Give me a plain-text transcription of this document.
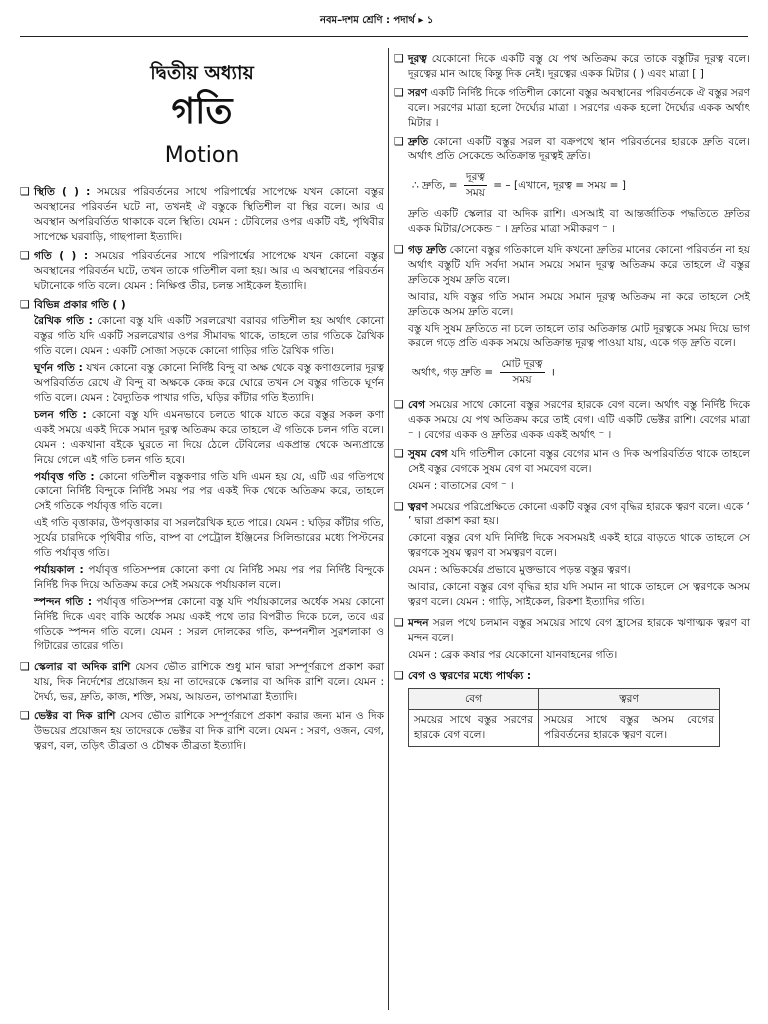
নবম–দশম শ্রেণি : পদার্থ ▸ ১
দ্বিতীয় অধ্যায়
গতি
Motion
❑ স্থিতি ( ) : সময়ের পরিবর্তনের সাথে পরিপার্শ্বের সাপেক্ষে যখন কোনো বস্তুর অবস্থানের পরিবর্তন ঘটে না, তখনই ঐ বস্তুকে স্থিতিশীল বা স্থির বলে। আর এ অবস্থান অপরিবর্তিত থাকাকে বলে স্থিতি। যেমন : টেবিলের ওপর একটি বই, পৃথিবীর সাপেক্ষে ঘরবাড়ি, গাছপালা ইত্যাদি।
❑ গতি ( ) : সময়ের পরিবর্তনের সাথে পরিপার্শ্বের সাপেক্ষে যখন কোনো বস্তুর অবস্থানের পরিবর্তন ঘটে, তখন তাকে গতিশীল বলা হয়। আর এ অবস্থানের পরিবর্তন ঘটানোকে গতি বলে। যেমন : নিক্ষিপ্ত তীর, চলন্ত সাইকেল ইত্যাদি।
❑ বিভিন্ন প্রকার গতি ( )

রৈখিক গতি : কোনো বস্তু যদি একটি সরলরেখা বরাবর গতিশীল হয় অর্থাৎ কোনো বস্তুর গতি যদি একটি সরলরেখার ওপর সীমাবদ্ধ থাকে, তাহলে তার গতিকে রৈখিক গতি বলে। যেমন : একটি সোজা সড়কে কোনো গাড়ির গতি রৈখিক গতি।

ঘূর্ণন গতি : যখন কোনো বস্তু কোনো নির্দিষ্ট বিন্দু বা অক্ষ থেকে বস্তু কণাগুলোর দূরত্ব অপরিবর্তিত রেখে ঐ বিন্দু বা অক্ষকে কেন্দ্র করে ঘোরে তখন সে বস্তুর গতিকে ঘূর্ণন গতি বলে। যেমন : বৈদ্যুতিক পাখার গতি, ঘড়ির কাঁটার গতি ইত্যাদি।

চলন গতি : কোনো বস্তু যদি এমনভাবে চলতে থাকে যাতে করে বস্তুর সকল কণা একই সময়ে একই দিকে সমান দূরত্ব অতিক্রম করে তাহলে ঐ গতিকে চলন গতি বলে। যেমন : একখানা বইকে ঘুরতে না দিয়ে ঠেলে টেবিলের একপ্রান্ত থেকে অন্যপ্রান্তে নিয়ে গেলে এই গতি চলন গতি হবে।

পর্যাবৃত্ত গতি : কোনো গতিশীল বস্তুকণার গতি যদি এমন হয় যে, এটি এর গতিপথে কোনো নির্দিষ্ট বিন্দুকে নির্দিষ্ট সময় পর পর একই দিক থেকে অতিক্রম করে, তাহলে সেই গতিকে পর্যাবৃত্ত গতি বলে।

এই গতি বৃত্তাকার, উপবৃত্তাকার বা সরলরৈখিক হতে পারে। যেমন : ঘড়ির কাঁটার গতি, সূর্যের চারদিকে পৃথিবীর গতি, বাষ্প বা পেট্রোল ইঞ্জিনের সিলিন্ডারের মধ্যে পিস্টনের গতি পর্যাবৃত্ত গতি।

পর্যায়কাল : পর্যাবৃত্ত গতিসম্পন্ন কোনো কণা যে নির্দিষ্ট সময় পর পর নির্দিষ্ট বিন্দুকে নির্দিষ্ট দিক দিয়ে অতিক্রম করে সেই সময়কে পর্যায়কাল বলে।

স্পন্দন গতি : পর্যাবৃত্ত গতিসম্পন্ন কোনো বস্তু যদি পর্যায়কালের অর্ধেক সময় কোনো নির্দিষ্ট দিকে এবং বাকি অর্ধেক সময় একই পথে তার বিপরীত দিকে চলে, তবে এর গতিকে স্পন্দন গতি বলে। যেমন : সরল দোলকের গতি, কম্পনশীল সুরশলাকা ও গিটারের তারের গতি।

❑ স্কেলার বা অদিক রাশি যেসব ভৌত রাশিকে শুধু মান দ্বারা সম্পূর্ণরূপে প্রকাশ করা যায়, দিক নির্দেশের প্রয়োজন হয় না তাদেরকে স্কেলার বা অদিক রাশি বলে। যেমন : দৈর্ঘ্য, ভর, দ্রুতি, কাজ, শক্তি, সময়, আয়তন, তাপমাত্রা ইত্যাদি।
❑ ভেক্টর বা দিক রাশি যেসব ভৌত রাশিকে সম্পূর্ণরূপে প্রকাশ করার জন্য মান ও দিক উভয়ের প্রয়োজন হয় তাদেরকে ভেক্টর বা দিক রাশি বলে। যেমন : সরণ, ওজন, বেগ, ত্বরণ, বল, তড়িৎ তীব্রতা ও চৌম্বক তীব্রতা ইত্যাদি।
❑ দূরত্ব যেকোনো দিকে একটি বস্তু যে পথ অতিক্রম করে তাকে বস্তুটির দূরত্ব বলে। দূরত্বের মান আছে কিন্তু দিক নেই। দূরত্বের একক মিটার ( ) এবং মাত্রা [ ]
❑ সরণ একটি নির্দিষ্ট দিকে গতিশীল কোনো বস্তুর অবস্থানের পরিবর্তনকে ঐ বস্তুর সরণ বলে। সরণের মাত্রা হলো দৈর্ঘ্যের মাত্রা । সরণের একক হলো দৈর্ঘ্যের একক অর্থাৎ মিটার ।
❑ দ্রুতি কোনো একটি বস্তুর সরল বা বক্রপথে স্থান পরিবর্তনের হারকে দ্রুতি বলে। অর্থাৎ প্রতি সেকেন্ডে অতিক্রান্ত দূরত্বই দ্রুতি।

∴ দ্রুতি, = $\frac{\text{দূরত্ব}}{\text{সময়}}$ = – [এখানে, দূরত্ব = সময় = ]

দ্রুতি একটি স্কেলার বা অদিক রাশি। এসআই বা আন্তর্জাতিক পদ্ধতিতে দ্রুতির একক মিটার/সেকেন্ড ⁻ । দ্রুতির মাত্রা সমীকরণ ⁻ ।

❑ গড় দ্রুতি কোনো বস্তুর গতিকালে যদি কখনো দ্রুতির মানের কোনো পরিবর্তন না হয় অর্থাৎ বস্তুটি যদি সর্বদা সমান সময়ে সমান দূরত্ব অতিক্রম করে তাহলে ঐ বস্তুর দ্রুতিকে সুষম দ্রুতি বলে।

আবার, যদি বস্তুর গতি সমান সময়ে সমান দূরত্ব অতিক্রম না করে তাহলে সেই দ্রুতিকে অসম দ্রুতি বলে।

বস্তু যদি সুষম দ্রুতিতে না চলে তাহলে তার অতিক্রান্ত মোট দূরত্বকে সময় দিয়ে ভাগ করলে গড়ে প্রতি একক সময়ে অতিক্রান্ত দূরত্ব পাওয়া যায়, একে গড় দ্রুতি বলে।

অর্থাৎ, গড় দ্রুতি = $\frac{\text{মোট দূরত্ব}}{\text{সময়}}$ ।
❑ বেগ সময়ের সাথে কোনো বস্তুর সরণের হারকে বেগ বলে। অর্থাৎ বস্তু নির্দিষ্ট দিকে একক সময়ে যে পথ অতিক্রম করে তাই বেগ। এটি একটি ভেক্টর রাশি। বেগের মাত্রা ⁻ । বেগের একক ও দ্রুতির একক একই অর্থাৎ ⁻ ।
❑ সুষম বেগ যদি গতিশীল কোনো বস্তুর বেগের মান ও দিক অপরিবর্তিত থাকে তাহলে সেই বস্তুর বেগকে সুষম বেগ বা সমবেগ বলে।

যেমন : বাতাসের বেগ ⁻ ।

❑ ত্বরণ সময়ের পরিপ্রেক্ষিতে কোনো একটি বস্তুর বেগ বৃদ্ধির হারকে ত্বরণ বলে। একে ‘ ’ দ্বারা প্রকাশ করা হয়।

কোনো বস্তুর বেগ যদি নির্দিষ্ট দিকে সবসময়ই একই হারে বাড়তে থাকে তাহলে সে ত্বরণকে সুষম ত্বরণ বা সমত্বরণ বলে।

যেমন : অভিকর্ষের প্রভাবে মুক্তভাবে পড়ন্ত বস্তুর ত্বরণ।

আবার, কোনো বস্তুর বেগ বৃদ্ধির হার যদি সমান না থাকে তাহলে সে ত্বরণকে অসম ত্বরণ বলে। যেমন : গাড়ি, সাইকেল, রিকশা ইত্যাদির গতি।

❑ মন্দন সরল পথে চলমান বস্তুর সময়ের সাথে বেগ হ্রাসের হারকে ঋণাত্মক ত্বরণ বা মন্দন বলে।

যেমন : ব্রেক কষার পর যেকোনো যানবাহনের গতি।

❑ বেগ ও ত্বরণের মধ্যে পার্থক্য :
বেগ	ত্বরণ
সময়ের সাথে বস্তুর সরণের হারকে বেগ বলে।	সময়ের সাথে বস্তুর অসম বেগের পরিবর্তনের হারকে ত্বরণ বলে।
